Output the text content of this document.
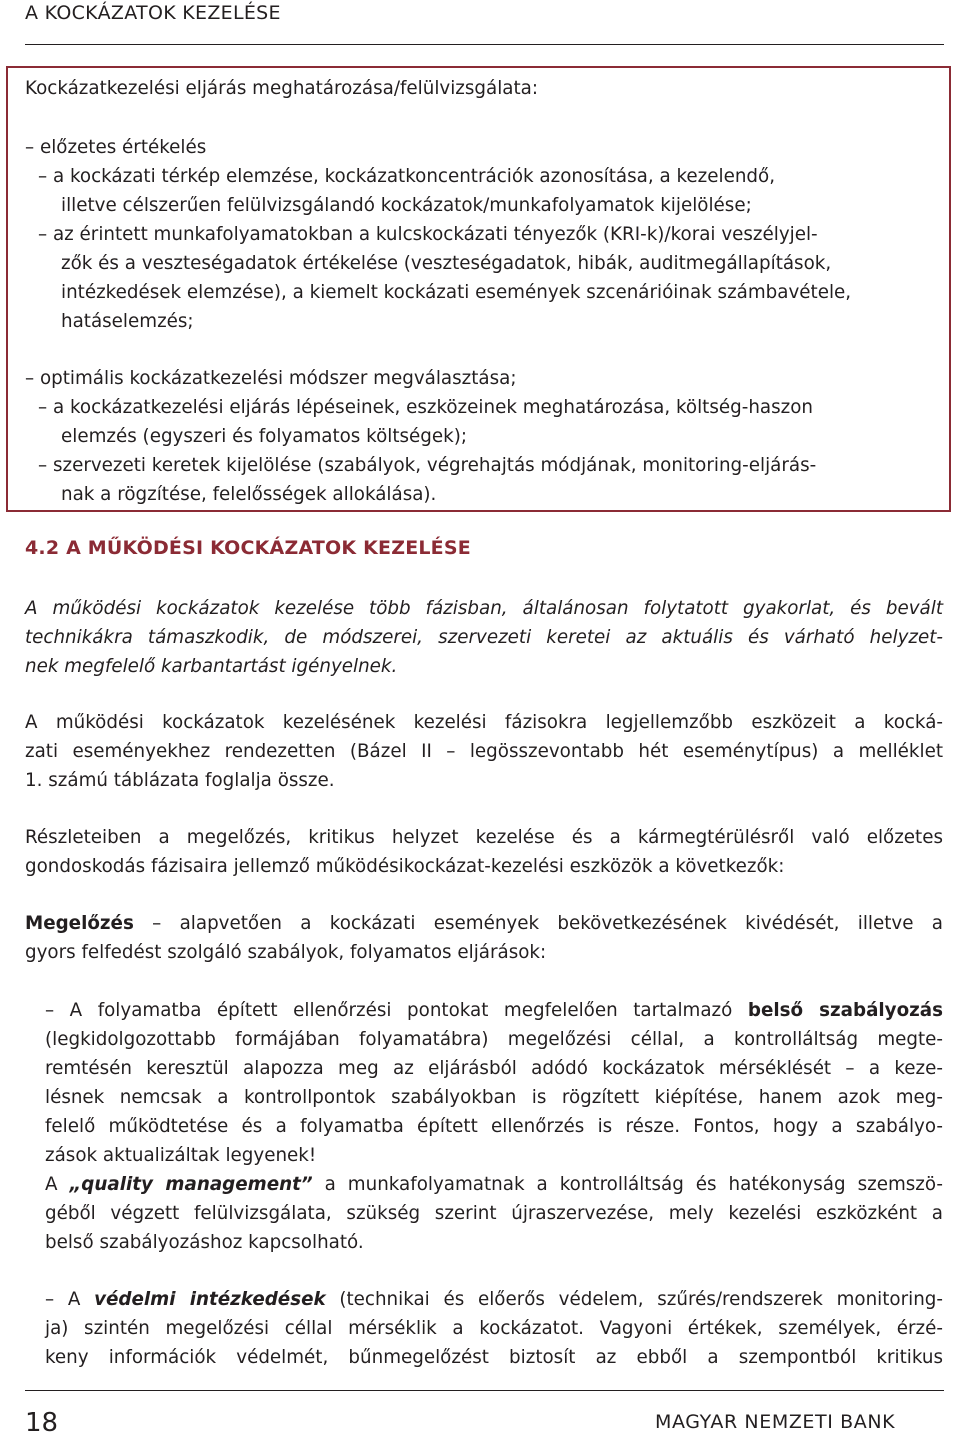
A KOCKÁZATOK KEZELÉSE

Kockázatkezelési eljárás meghatározása/felülvizsgálata:

– előzetes értékelés

– a kockázati térkép elemzése, kockázatkoncentrációk azonosítása, a kezelendő,

illetve célszerűen felülvizsgálandó kockázatok/munkafolyamatok kijelölése;

– az érintett munkafolyamatokban a kulcskockázati tényezők (KRI-k)/korai veszélyjel-

zők és a veszteségadatok értékelése (veszteségadatok, hibák, auditmegállapítások,

intézkedések elemzése), a kiemelt kockázati események szcenárióinak számbavétele,

hatáselemzés;

– optimális kockázatkezelési módszer megválasztása;

– a kockázatkezelési eljárás lépéseinek, eszközeinek meghatározása, költség-haszon

elemzés (egyszeri és folyamatos költségek);

– szervezeti keretek kijelölése (szabályok, végrehajtás módjának, monitoring-eljárás-

nak a rögzítése, felelősségek allokálása).

4.2 A MŰKÖDÉSI KOCKÁZATOK KEZELÉSE
A működési kockázatok kezelése több fázisban, általánosan folytatott gyakorlat, és bevált
technikákra támaszkodik, de módszerei, szervezeti keretei az aktuális és várható helyzet-
nek megfelelő karbantartást igényelnek.
A működési kockázatok kezelésének kezelési fázisokra legjellemzőbb eszközeit a kocká-
zati eseményekhez rendezetten (Bázel II – legösszevontabb hét eseménytípus) a melléklet
1. számú táblázata foglalja össze.
Részleteiben a megelőzés, kritikus helyzet kezelése és a kármegtérülésről való előzetes
gondoskodás fázisaira jellemző működésikockázat-kezelési eszközök a következők:
Megelőzés – alapvetően a kockázati események bekövetkezésének kivédését, illetve a
gyors felfedést szolgáló szabályok, folyamatos eljárások:
– A folyamatba épített ellenőrzési pontokat megfelelően tartalmazó belső szabályozás
(legkidolgozottabb formájában folyamatábra) megelőzési céllal, a kontrolláltság megte-
remtésén keresztül alapozza meg az eljárásból adódó kockázatok mérséklését – a keze-
lésnek nemcsak a kontrollpontok szabályokban is rögzített kiépítése, hanem azok meg-
felelő működtetése és a folyamatba épített ellenőrzés is része. Fontos, hogy a szabályo-
zások aktualizáltak legyenek!
A „quality management” a munkafolyamatnak a kontrolláltság és hatékonyság szemszö-
géből végzett felülvizsgálata, szükség szerint újraszervezése, mely kezelési eszközként a
belső szabályozáshoz kapcsolható.
– A védelmi intézkedések (technikai és előerős védelem, szűrés/rendszerek monitoring-
ja) szintén megelőzési céllal mérséklik a kockázatot. Vagyoni értékek, személyek, érzé-
keny információk védelmét, bűnmegelőzést biztosít az ebből a szempontból kritikus
18	MAGYAR NEMZETI BANK
